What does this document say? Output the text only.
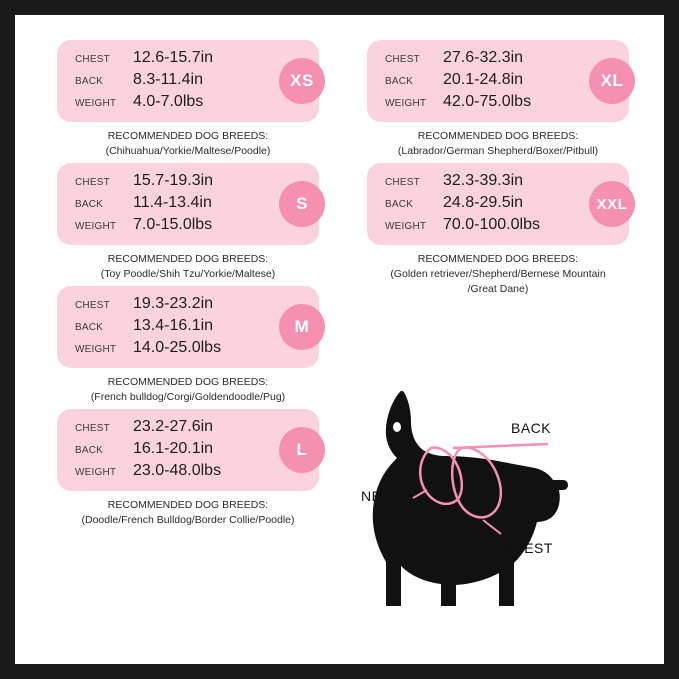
CHEST	12.6-15.7in
BACK	8.3-11.4in
WEIGHT	4.0-7.0lbs
XS
RECOMMENDED DOG BREEDS:
(Chihuahua/Yorkie/Maltese/Poodle)
CHEST	15.7-19.3in
BACK	11.4-13.4in
WEIGHT	7.0-15.0lbs
S
RECOMMENDED DOG BREEDS:
(Toy Poodle/Shih Tzu/Yorkie/Maltese)
CHEST	19.3-23.2in
BACK	13.4-16.1in
WEIGHT	14.0-25.0lbs
M
RECOMMENDED DOG BREEDS:
(French bulldog/Corgi/Goldendoodle/Pug)
CHEST	23.2-27.6in
BACK	16.1-20.1in
WEIGHT	23.0-48.0lbs
L
RECOMMENDED DOG BREEDS:
(Doodle/French Bulldog/Border Collie/Poodle)
CHEST	27.6-32.3in
BACK	20.1-24.8in
WEIGHT	42.0-75.0lbs
XL
RECOMMENDED DOG BREEDS:
(Labrador/German Shepherd/Boxer/Pitbull)
CHEST	32.3-39.3in
BACK	24.8-29.5in
WEIGHT	70.0-100.0lbs
XXL
RECOMMENDED DOG BREEDS:
(Golden retriever/Shepherd/Bernese Mountain
/Great Dane)
BACK
NECK
CHEST
